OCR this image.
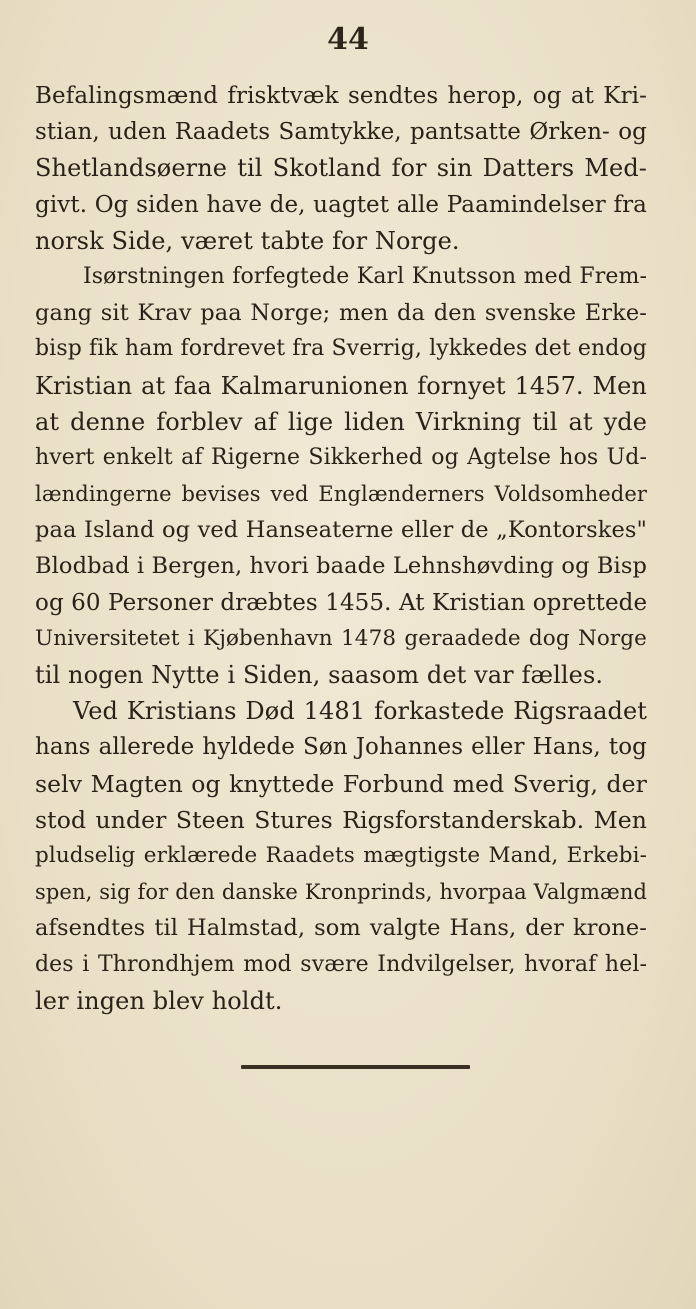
44
Befalingsmænd frisktvæk sendtes herop, og at Kri-
stian, uden Raadets Samtykke, pantsatte Ørken- og
Shetlandsøerne til Skotland for sin Datters Med-
givt. Og siden have de, uagtet alle Paamindelser fra
norsk Side, været tabte for Norge.
Isørstningen forfegtede Karl Knutsson med Frem-
gang sit Krav paa Norge; men da den svenske Erke-
bisp fik ham fordrevet fra Sverrig, lykkedes det endog
Kristian at faa Kalmarunionen fornyet 1457. Men
at denne forblev af lige liden Virkning til at yde
hvert enkelt af Rigerne Sikkerhed og Agtelse hos Ud-
lændingerne bevises ved Englænderners Voldsomheder
paa Island og ved Hanseaterne eller de „Kontorskes"
Blodbad i Bergen, hvori baade Lehnshøvding og Bisp
og 60 Personer dræbtes 1455. At Kristian oprettede
Universitetet i Kjøbenhavn 1478 geraadede dog Norge
til nogen Nytte i Siden, saasom det var fælles.
Ved Kristians Død 1481 forkastede Rigsraadet
hans allerede hyldede Søn Johannes eller Hans, tog
selv Magten og knyttede Forbund med Sverig, der
stod under Steen Stures Rigsforstanderskab. Men
pludselig erklærede Raadets mægtigste Mand, Erkebi-
spen, sig for den danske Kronprinds, hvorpaa Valgmænd
afsendtes til Halmstad, som valgte Hans, der krone-
des i Throndhjem mod svære Indvilgelser, hvoraf hel-
ler ingen blev holdt.
